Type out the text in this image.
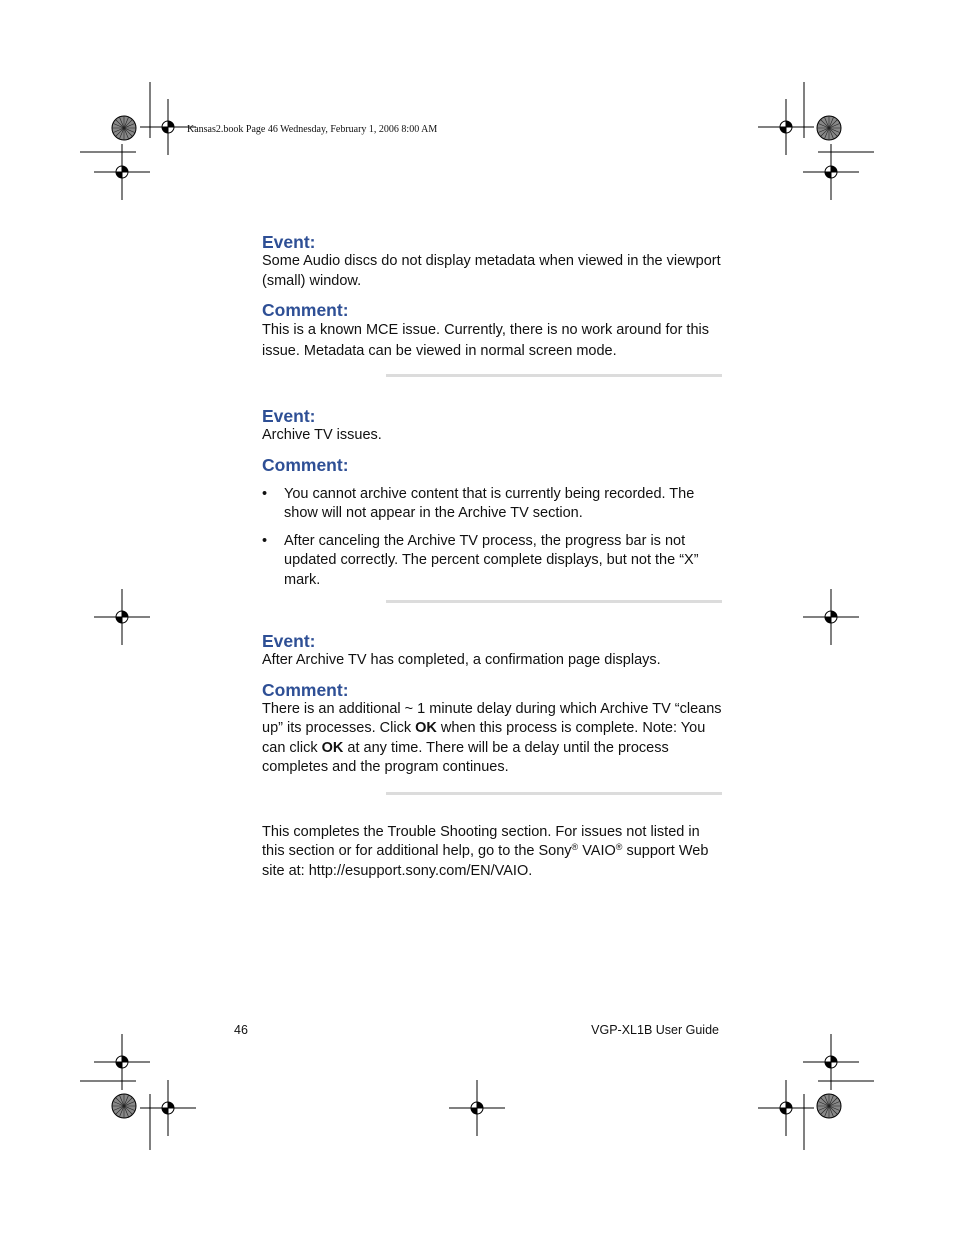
Kansas2.book Page 46 Wednesday, February 1, 2006 8:00 AM
Event:

Some Audio discs do not display metadata when viewed in the viewport (small) window.

Comment:

This is a known MCE issue. Currently, there is no work around for this issue. Metadata can be viewed in normal screen mode.

Event:

Archive TV issues.

Comment:
• You cannot archive content that is currently being recorded. The show will not appear in the Archive TV section.
• After canceling the Archive TV process, the progress bar is not updated correctly. The percent complete displays, but not the “X” mark.
Event:

After Archive TV has completed, a confirmation page displays.

Comment:

There is an additional ~ 1 minute delay during which Archive TV “cleans up” its processes. Click OK when this process is complete. Note: You can click OK at any time. There will be a delay until the process completes and the program continues.

This completes the Trouble Shooting section. For issues not listed in this section or for additional help, go to the Sony® VAIO® support Web site at: http://esupport.sony.com/EN/VAIO.

46	VGP-XL1B User Guide
